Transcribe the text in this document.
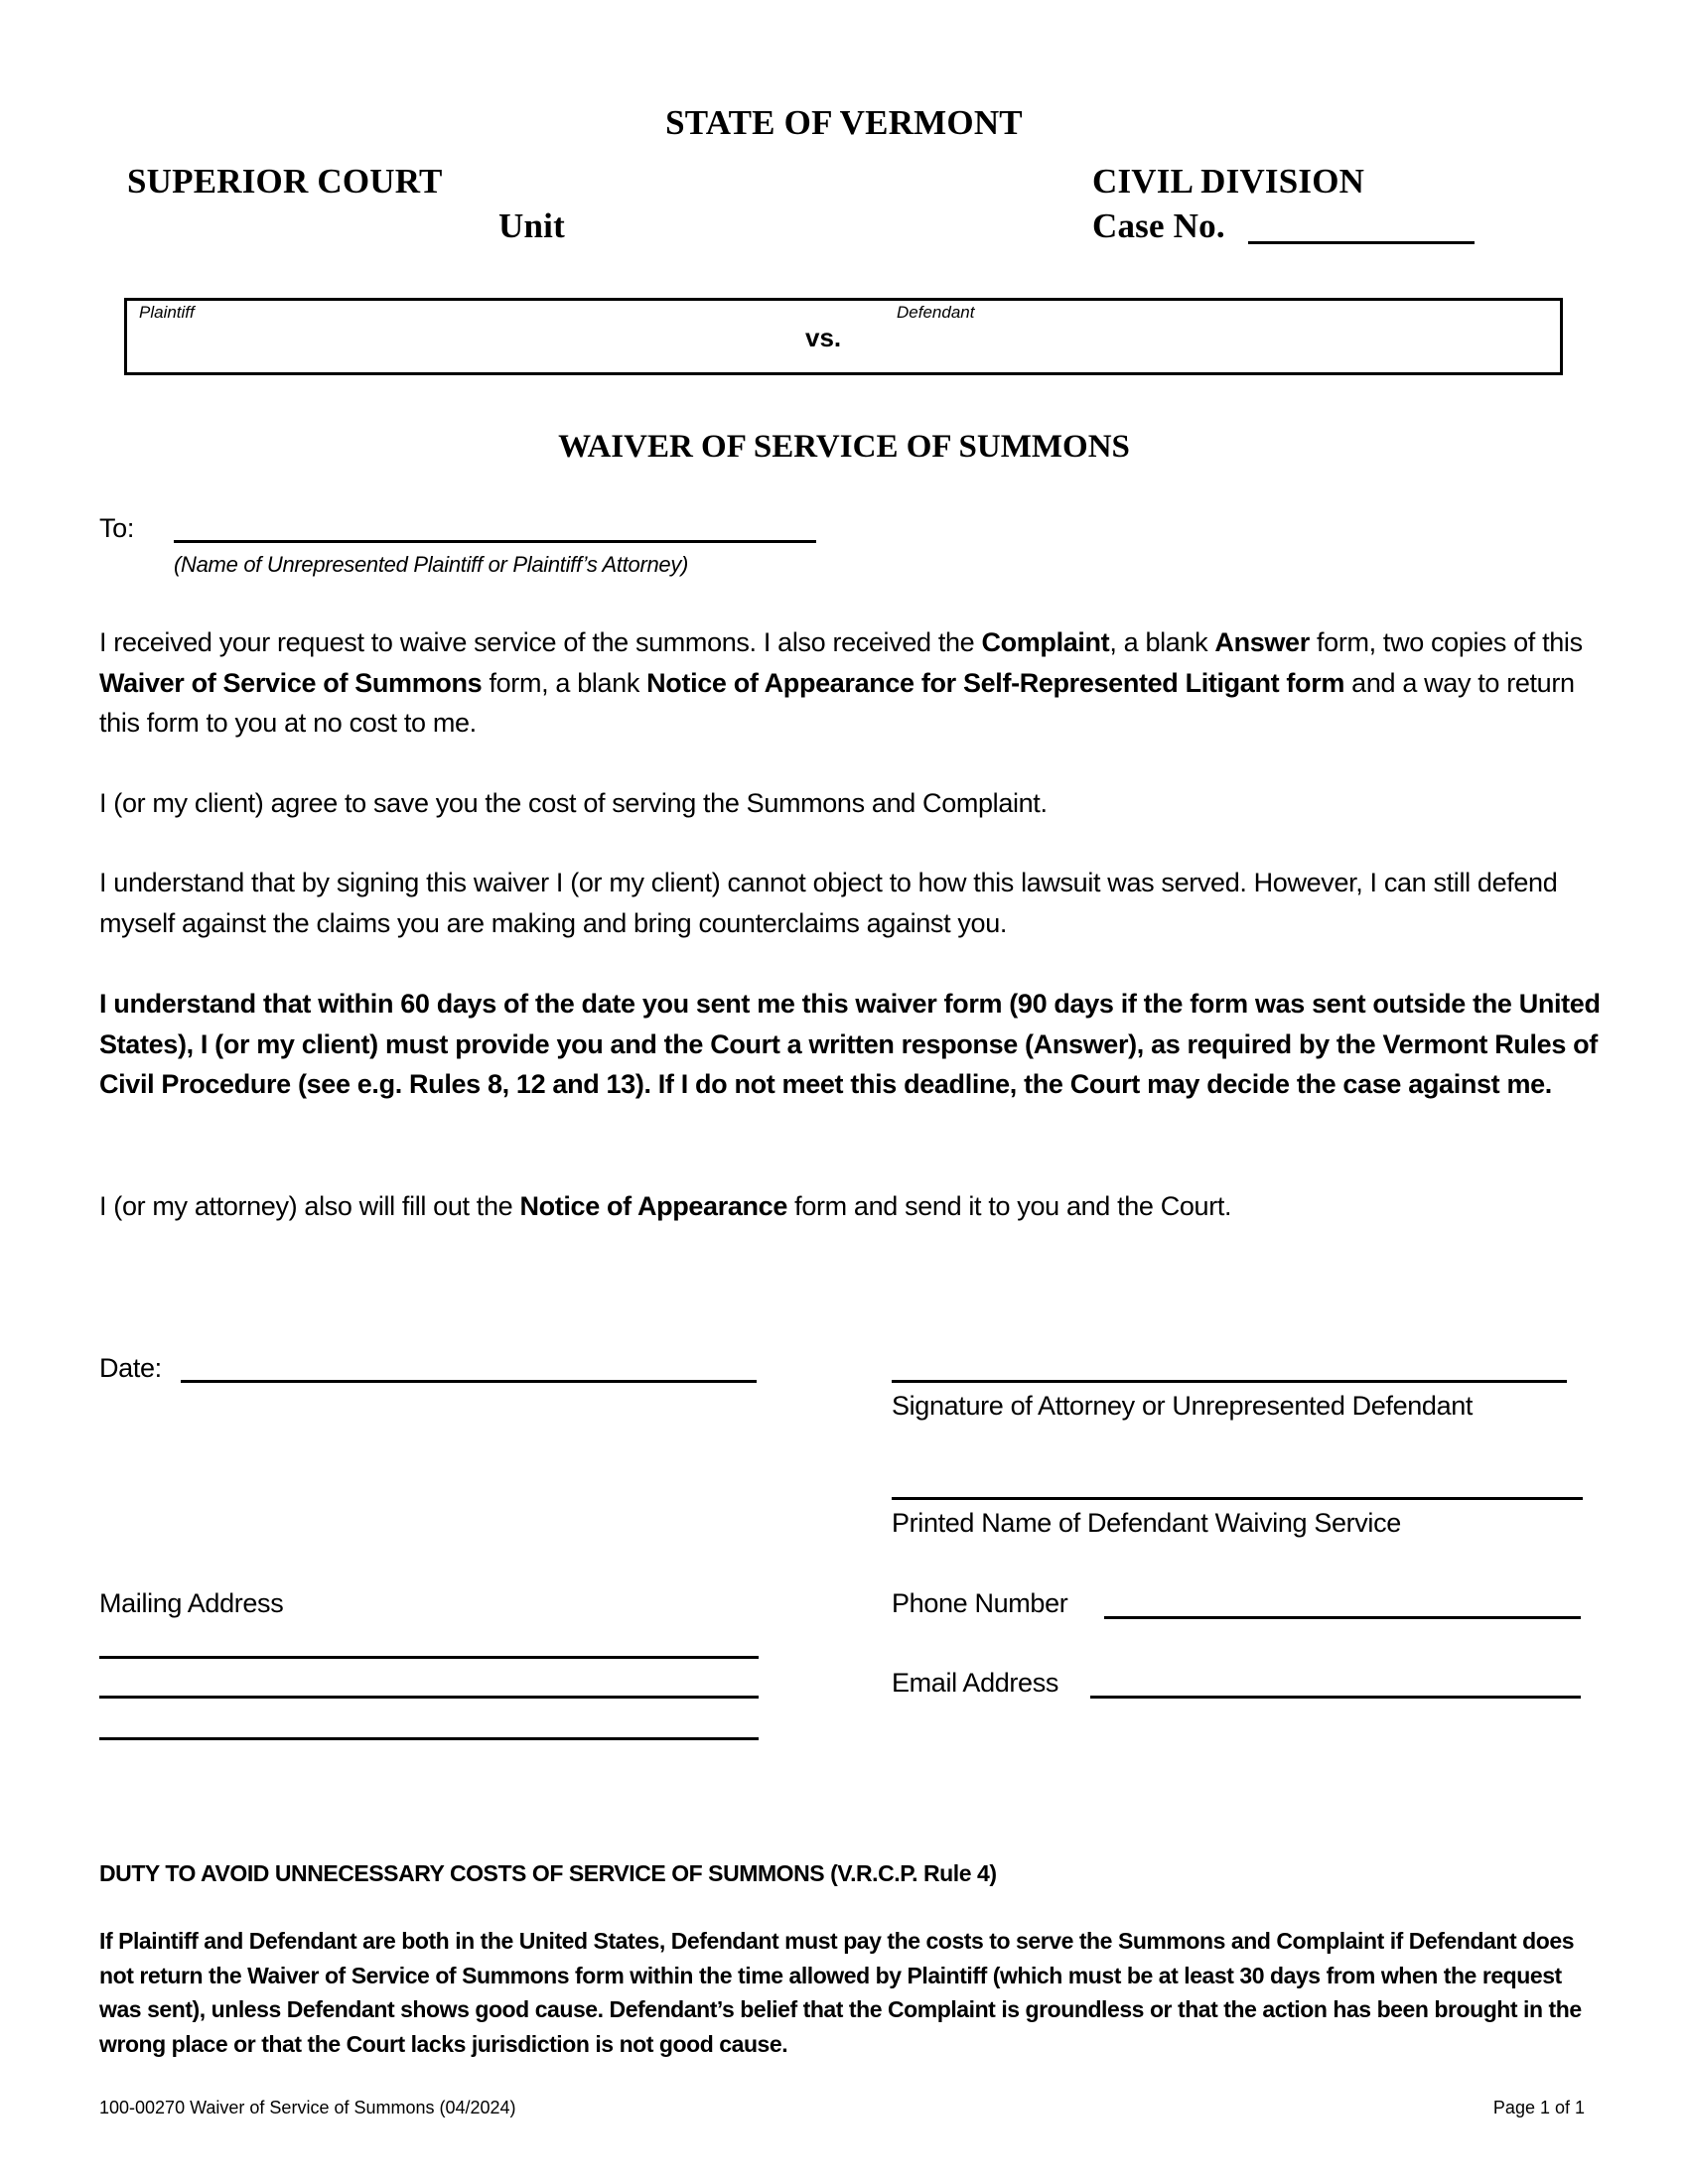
STATE OF VERMONT
SUPERIOR COURT
Unit
CIVIL DIVISION
Case No.
Plaintiff
vs.
Defendant
WAIVER OF SERVICE OF SUMMONS
To:
(Name of Unrepresented Plaintiff or Plaintiff’s Attorney)
I received your request to waive service of the summons. I also received the Complaint, a blank Answer form, two copies of this Waiver of Service of Summons form, a blank Notice of Appearance for Self-Represented Litigant form and a way to return this form to you at no cost to me.
I (or my client) agree to save you the cost of serving the Summons and Complaint.
I understand that by signing this waiver I (or my client) cannot object to how this lawsuit was served. However, I can still defend myself against the claims you are making and bring counterclaims against you.
I understand that within 60 days of the date you sent me this waiver form (90 days if the form was sent outside the United States), I (or my client) must provide you and the Court a written response (Answer), as required by the Vermont Rules of Civil Procedure (see e.g. Rules 8, 12 and 13). If I do not meet this deadline, the Court may decide the case against me.
I (or my attorney) also will fill out the Notice of Appearance form and send it to you and the Court.
Date:
Signature of Attorney or Unrepresented Defendant
Printed Name of Defendant Waiving Service
Mailing Address	Phone Number
Email Address
DUTY TO AVOID UNNECESSARY COSTS OF SERVICE OF SUMMONS (V.R.C.P. Rule 4)
If Plaintiff and Defendant are both in the United States, Defendant must pay the costs to serve the Summons and Complaint if Defendant does not return the Waiver of Service of Summons form within the time allowed by Plaintiff (which must be at least 30 days from when the request was sent), unless Defendant shows good cause. Defendant’s belief that the Complaint is groundless or that the action has been brought in the wrong place or that the Court lacks jurisdiction is not good cause.
100-00270 Waiver of Service of Summons (04/2024)	Page 1 of 1
